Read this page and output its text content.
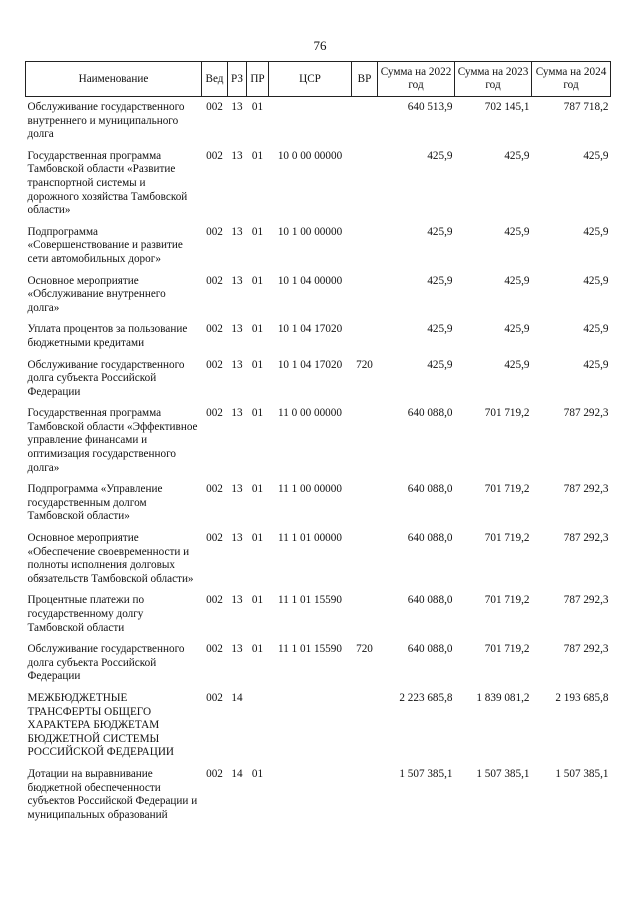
76
Наименование	Вед	РЗ	ПР	ЦСР	ВР	Сумма на 2022 год	Сумма на 2023 год	Сумма на 2024 год
Обслуживание государственного внутреннего и муниципального долга	002	13	01			640 513,9	702 145,1	787 718,2
Государственная программа Тамбовской области «Развитие транспортной системы и дорожного хозяйства Тамбовской области»	002	13	01	10 0 00 00000		425,9	425,9	425,9
Подпрограмма «Совершенствование и развитие сети автомобильных дорог»	002	13	01	10 1 00 00000		425,9	425,9	425,9
Основное мероприятие «Обслуживание внутреннего долга»	002	13	01	10 1 04 00000		425,9	425,9	425,9
Уплата процентов за пользование бюджетными кредитами	002	13	01	10 1 04 17020		425,9	425,9	425,9
Обслуживание государственного долга субъекта Российской Федерации	002	13	01	10 1 04 17020	720	425,9	425,9	425,9
Государственная программа Тамбовской области «Эффективное управление финансами и оптимизация государственного долга»	002	13	01	11 0 00 00000		640 088,0	701 719,2	787 292,3
Подпрограмма «Управление государственным долгом Тамбовской области»	002	13	01	11 1 00 00000		640 088,0	701 719,2	787 292,3
Основное мероприятие «Обеспечение своевременности и полноты исполнения долговых обязательств Тамбовской области»	002	13	01	11 1 01 00000		640 088,0	701 719,2	787 292,3
Процентные платежи по государственному долгу Тамбовской области	002	13	01	11 1 01 15590		640 088,0	701 719,2	787 292,3
Обслуживание государственного долга субъекта Российской Федерации	002	13	01	11 1 01 15590	720	640 088,0	701 719,2	787 292,3
МЕЖБЮДЖЕТНЫЕ ТРАНСФЕРТЫ ОБЩЕГО ХАРАКТЕРА БЮДЖЕТАМ БЮДЖЕТНОЙ СИСТЕМЫ РОССИЙСКОЙ ФЕДЕРАЦИИ	002	14				2 223 685,8	1 839 081,2	2 193 685,8
Дотации на выравнивание бюджетной обеспеченности субъектов Российской Федерации и муниципальных образований	002	14	01			1 507 385,1	1 507 385,1	1 507 385,1
